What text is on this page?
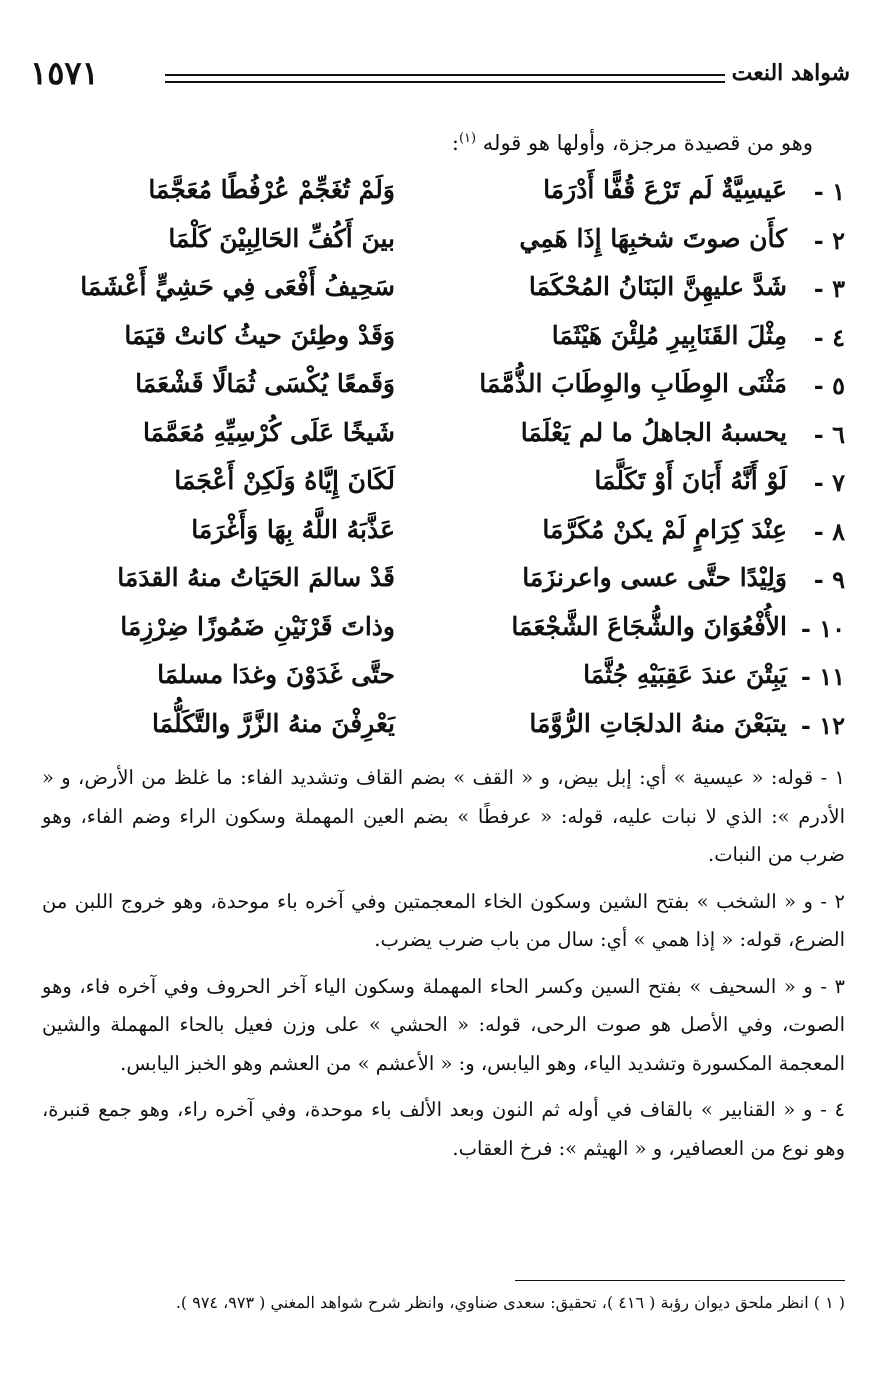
شواهد النعت
١٥٧١
وهو من قصيدة مرجزة، وأولها هو قوله $^{(١)}$:
١ -
عَيسِيَّةٌ لَم تَرْعَ قُفًّا أَدْرَمَا
وَلَمْ تُغَجِّمْ عُرْفُطًا مُعَجَّمَا
٢ -
كأَن صوتَ شخبِهَا إِذَا هَمِي
بينَ أَكُفِّ الحَالِبِيْنَ كَلْمَا
٣ -
شَدَّ عليهِنَّ البَنَانُ المُحْكَمَا
سَحِيفُ أَفْعَى فِي حَشِيٍّ أَعْشَمَا
٤ -
مِثْلَ القَنَابِيرِ مُلِئْنَ هَيْثَمَا
وَقَدْ وطِئنَ حيثُ كانتْ قيَمَا
٥ -
مَثْنَى الوِطَابِ والوِطَابَ الذُّمَّمَا
وَقَمعًا يُكْسَى ثُمَالًا قَشْعَمَا
٦ -
يحسبهُ الجاهلُ ما لم يَعْلَمَا
شَيخًا عَلَى كُرْسِيِّهِ مُعَمَّمَا
٧ -
لَوْ أَنَّهُ أَبَانَ أَوْ تَكَلَّمَا
لَكَانَ إِيَّاهُ وَلَكِنْ أَعْجَمَا
٨ -
عِنْدَ كِرَامٍ لَمْ يكنْ مُكَرَّمَا
عَذَّبَهُ اللَّهُ بِهَا وَأَغْرَمَا
٩ -
وَلِيْدًا حتَّى عسى واعرنزَمَا
قَدْ سالمَ الحَيَاتُ منهُ القدَمَا
١٠ -
الأُفْعُوَانَ والشُّجَاعَ الشَّجْعَمَا
وذاتَ قَرْنَيْنِ ضَمُوزًا ضِرْزِمَا
١١ -
يَبِتْنَ عندَ عَقِبَيْهِ جُثَّمَا
حتَّى غَدَوْنَ وغدَا مسلمَا
١٢ -
يتبَعْنَ منهُ الدلجَاتِ الرُّوَّمَا
يَعْرِفْنَ منهُ الزَّرَّ والتَّكَلُّمَا

١ - قوله: « عيسية » أي: إبل بيض، و « القف » بضم القاف وتشديد الفاء: ما غلظ من الأرض، و « الأدرم »: الذي لا نبات عليه، قوله: « عرفطًا » بضم العين المهملة وسكون الراء وضم الفاء، وهو ضرب من النبات.

٢ - و « الشخب » بفتح الشين وسكون الخاء المعجمتين وفي آخره باء موحدة، وهو خروج اللبن من الضرع، قوله: « إذا همي » أي: سال من باب ضرب يضرب.

٣ - و « السحيف » بفتح السين وكسر الحاء المهملة وسكون الياء آخر الحروف وفي آخره فاء، وهو الصوت، وفي الأصل هو صوت الرحى، قوله: « الحشي » على وزن فعيل بالحاء المهملة والشين المعجمة المكسورة وتشديد الياء، وهو اليابس، و: « الأعشم » من العشم وهو الخبز اليابس.

٤ - و « القنابير » بالقاف في أوله ثم النون وبعد الألف باء موحدة، وفي آخره راء، وهو جمع قنبرة، وهو نوع من العصافير، و « الهيثم »: فرخ العقاب.

( ١ ) انظر ملحق ديوان رؤبة ( ٤١٦ )، تحقيق: سعدى ضناوي، وانظر شرح شواهد المغني ( ٩٧٣، ٩٧٤ ).
